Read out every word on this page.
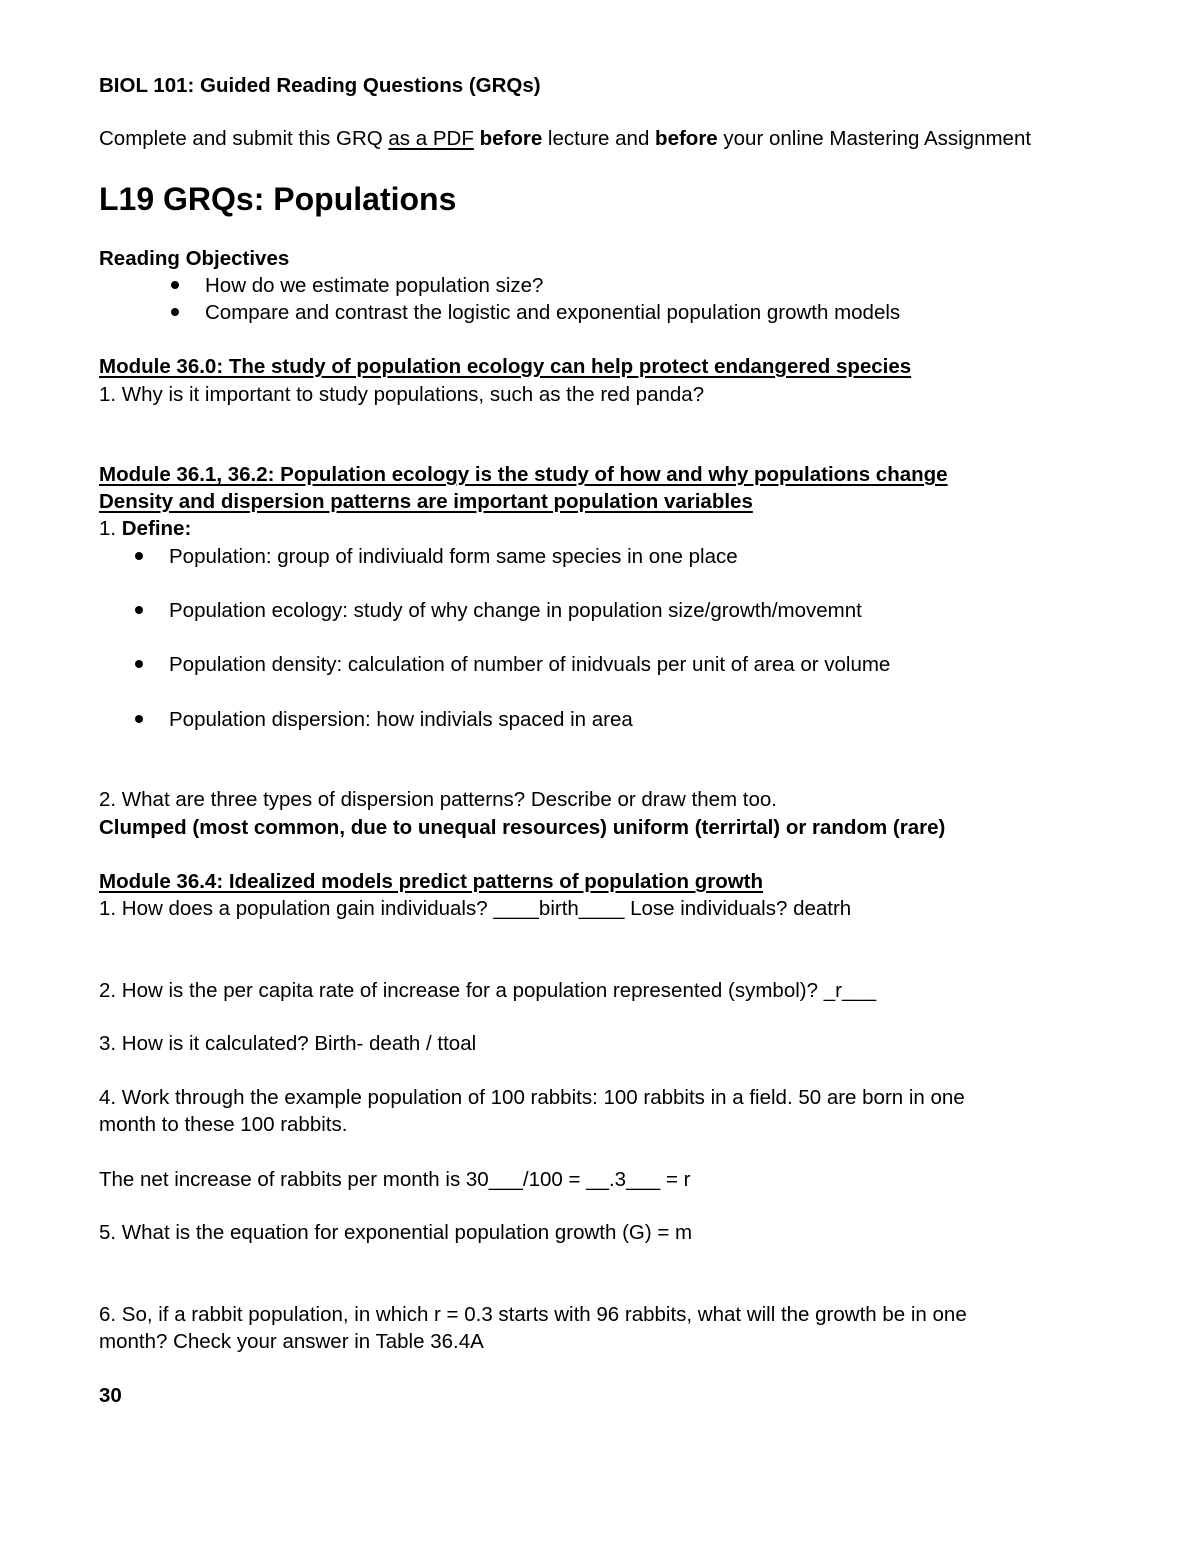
BIOL 101: Guided Reading Questions (GRQs)
Complete and submit this GRQ as a PDF before lecture and before your online Mastering Assignment
L19 GRQs: Populations
Reading Objectives
How do we estimate population size?
Compare and contrast the logistic and exponential population growth models
Module 36.0: The study of population ecology can help protect endangered species
1. Why is it important to study populations, such as the red panda?
Module 36.1, 36.2: Population ecology is the study of how and why populations change
Density and dispersion patterns are important population variables
1. Define:
Population: group of indiviuald form same species in one place
Population ecology: study of why change in population size/growth/movemnt
Population density: calculation of number of inidvuals per unit of area or volume
Population dispersion: how indivials spaced in area
2. What are three types of dispersion patterns? Describe or draw them too.
Clumped (most common, due to unequal resources) uniform (terrirtal) or random (rare)
Module 36.4: Idealized models predict patterns of population growth
1. How does a population gain individuals? ____birth____ Lose individuals? deatrh
2. How is the per capita rate of increase for a population represented (symbol)? _r___
3. How is it calculated? Birth- death / ttoal
4. Work through the example population of 100 rabbits: 100 rabbits in a field. 50 are born in one
month to these 100 rabbits.
The net increase of rabbits per month is 30___/100 = __.3___ = r
5. What is the equation for exponential population growth (G) = m
6. So, if a rabbit population, in which r = 0.3 starts with 96 rabbits, what will the growth be in one
month? Check your answer in Table 36.4A
30
